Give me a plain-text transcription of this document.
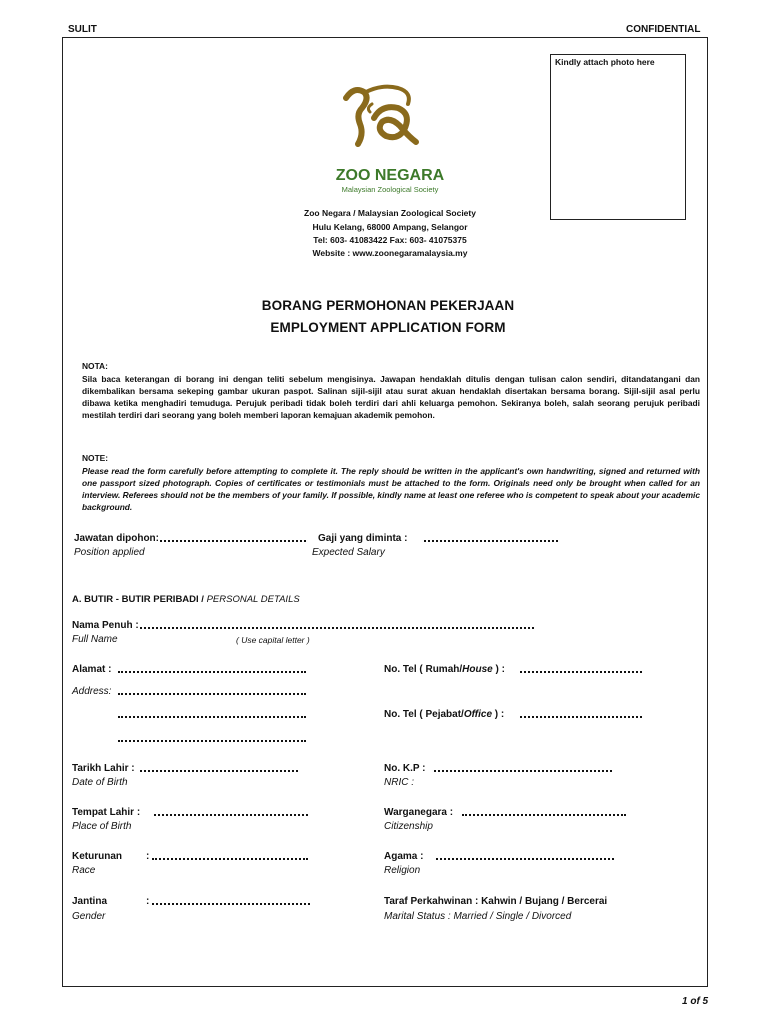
SULIT	CONFIDENTIAL
Kindly attach photo here
ZOO NEGARA
Malaysian Zoological Society
Zoo Negara / Malaysian Zoological Society
Hulu Kelang, 68000 Ampang, Selangor
Tel: 603- 41083422 Fax: 603- 41075375
Website : www.zoonegaramalaysia.my
BORANG PERMOHONAN PEKERJAAN
EMPLOYMENT APPLICATION FORM

NOTA:

Sila baca keterangan di borang ini dengan teliti sebelum mengisinya. Jawapan hendaklah ditulis dengan tulisan calon sendiri, ditandatangani dan dikembalikan bersama sekeping gambar ukuran paspot. Salinan sijil-sijil atau surat akuan hendaklah disertakan bersama borang. Sijil-sijil asal perlu dibawa ketika menghadiri temuduga. Perujuk peribadi tidak boleh terdiri dari ahli keluarga pemohon. Sekiranya boleh, salah seorang perujuk peribadi mestilah terdiri dari seorang yang boleh memberi laporan kemajuan akademik pemohon.

NOTE:

Please read the form carefully before attempting to complete it. The reply should be written in the applicant's own handwriting, signed and returned with one passport sized photograph. Copies of certificates or testimonials must be attached to the form. Originals need only be brought when called for an interview. Referees should not be the members of your family. If possible, kindly name at least one referee who is competent to speak about your academic background.

Jawatan dipohon:
Position applied
Gaji yang diminta :
Expected Salary
A. BUTIR - BUTIR PERIBADI / PERSONAL DETAILS
Nama Penuh :
Full Name	( Use capital letter )
Alamat :
Address:
No. Tel ( Rumah/House ) :
No. Tel ( Pejabat/Office ) :
Tarikh Lahir :
Date of Birth
No. K.P :
NRIC :
Tempat Lahir :
Place of Birth
Warganegara :
Citizenship
Keturunan :
Race
Agama :
Religion
Jantina	:
Gender
Taraf Perkahwinan : Kahwin / Bujang / Bercerai
Marital Status : Married / Single / Divorced
1 of 5
